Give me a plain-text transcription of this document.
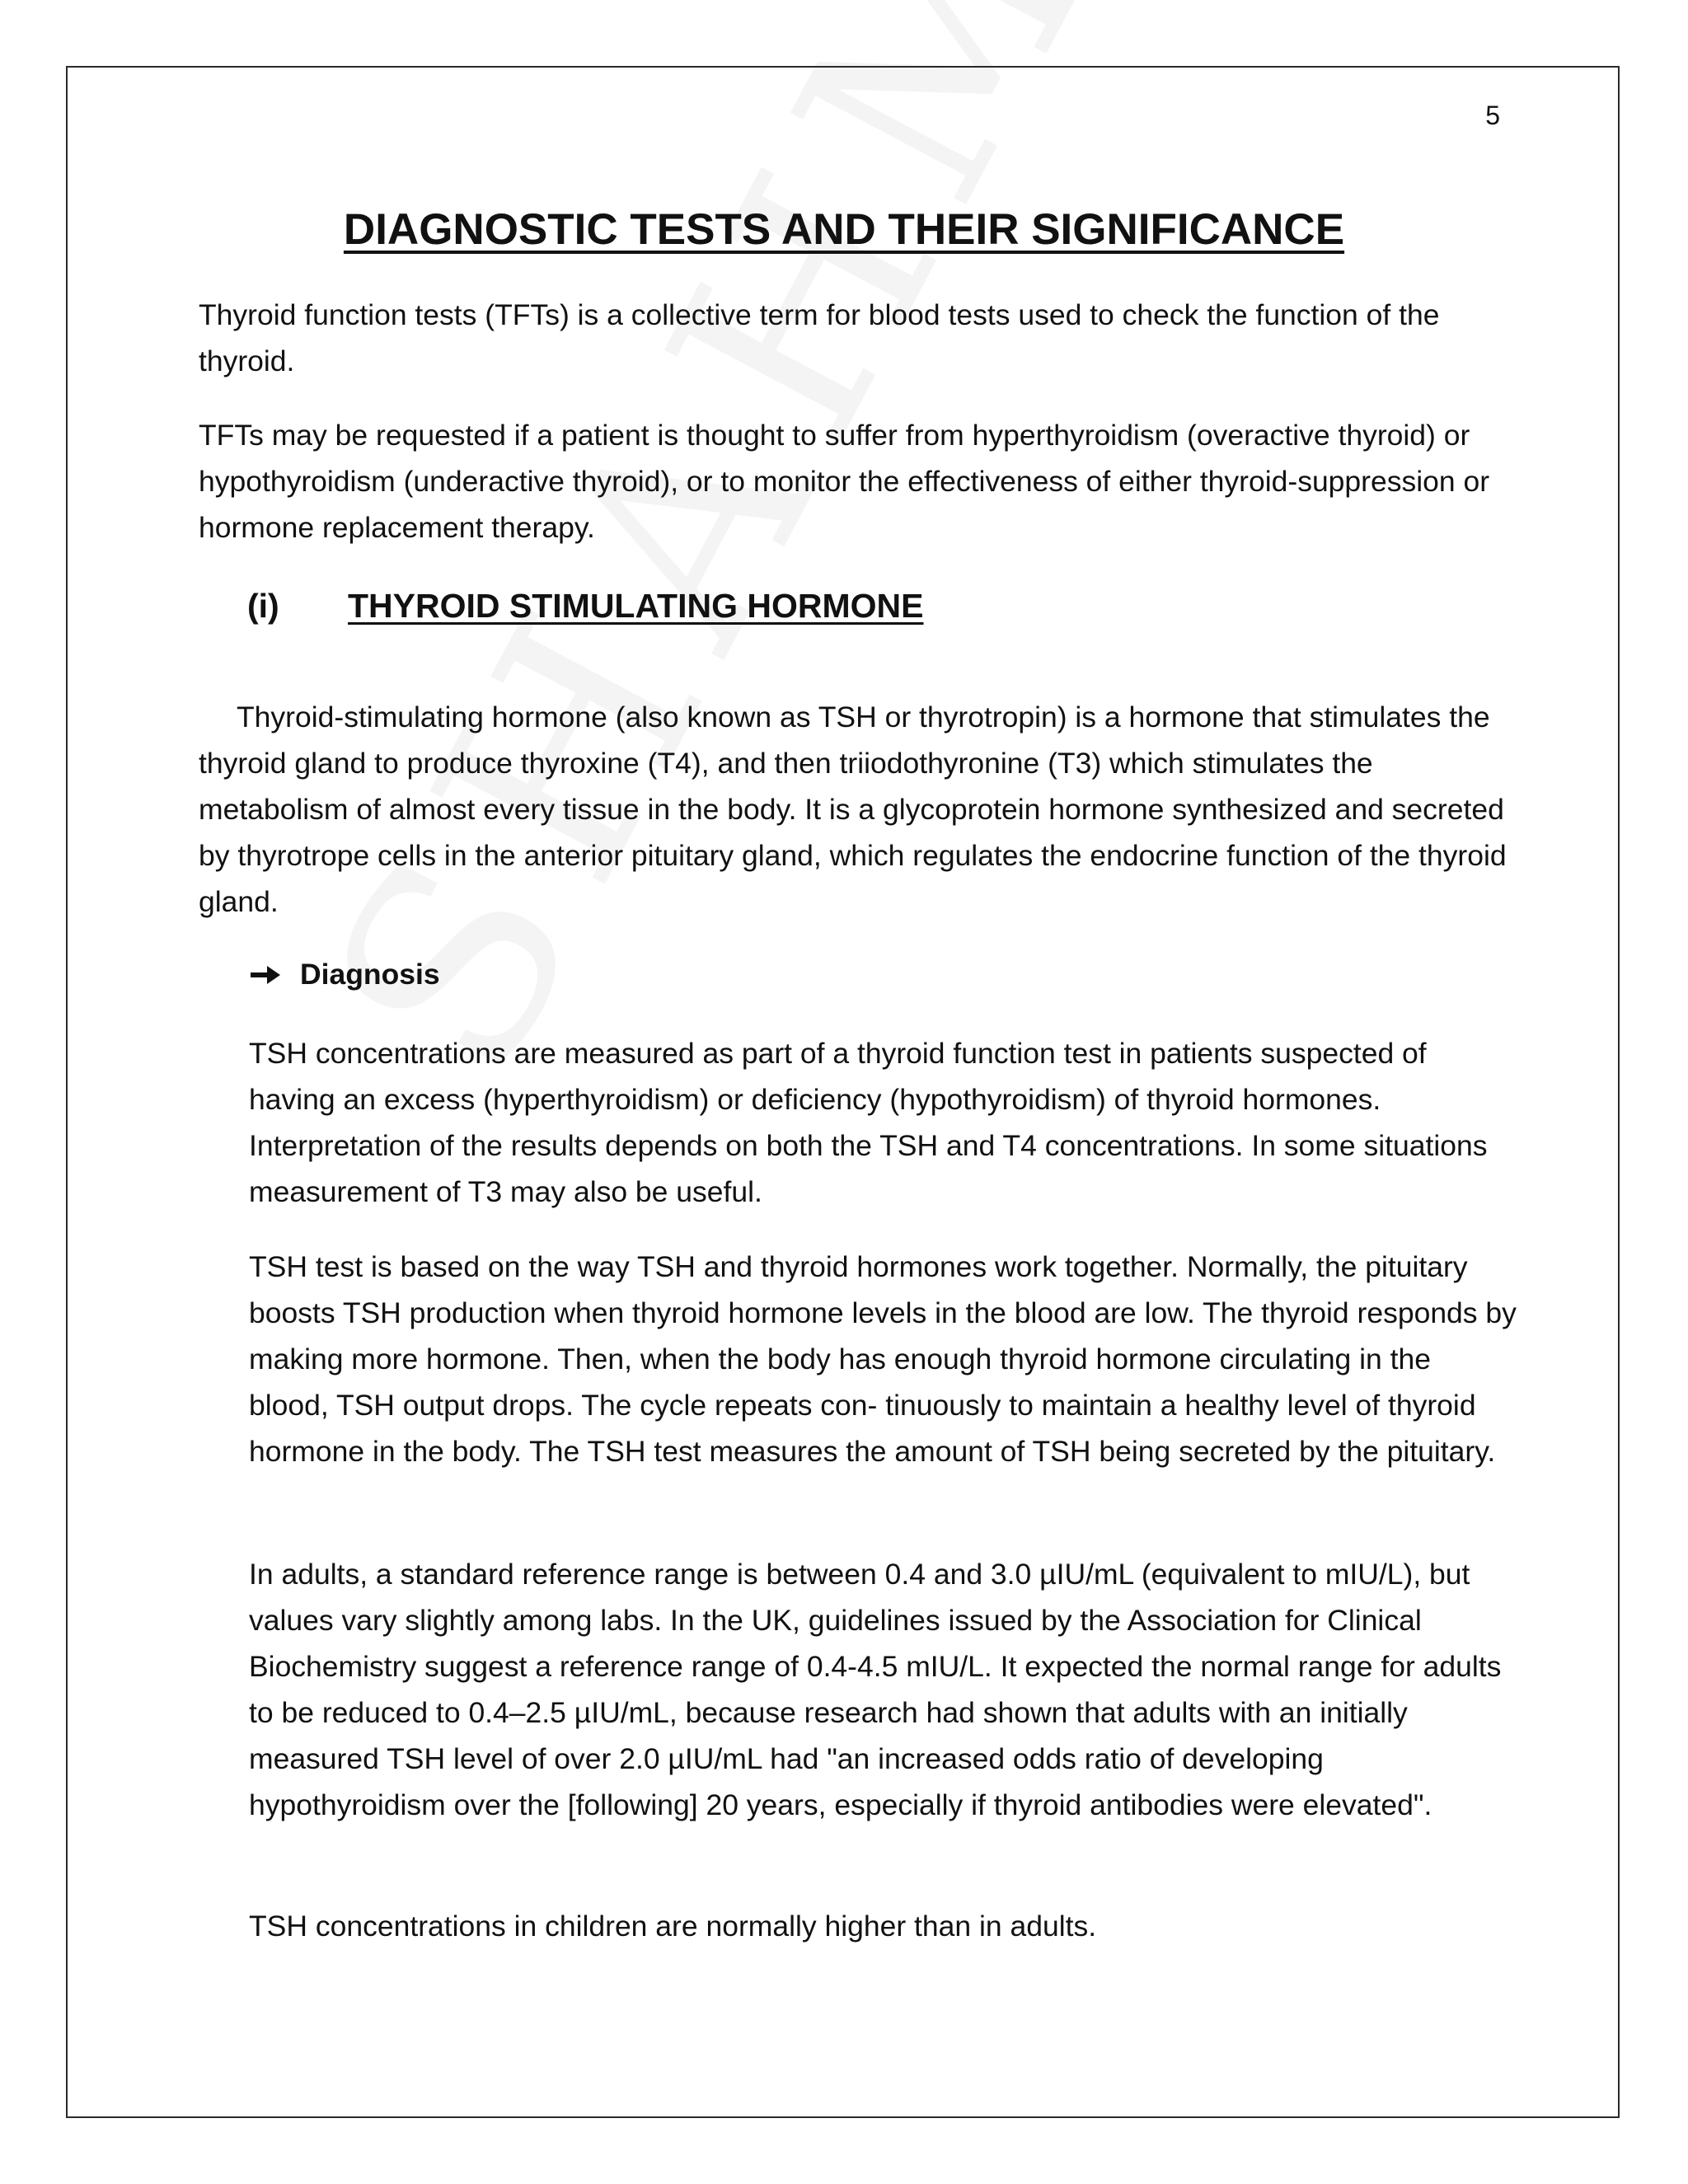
5
DIAGNOSTIC TESTS AND THEIR SIGNIFICANCE

Thyroid function tests (TFTs) is a collective term for blood tests used to check the function of the thyroid.

TFTs may be requested if a patient is thought to suffer from hyperthyroidism (overactive thyroid) or hypothyroidism (underactive thyroid), or to monitor the effectiveness of either thyroid-suppression or hormone replacement therapy.

(i)	THYROID STIMULATING HORMONE

Thyroid-stimulating hormone (also known as TSH or thyrotropin) is a hormone that stimulates the thyroid gland to produce thyroxine (T4), and then triiodothyronine (T3) which stimulates the metabolism of almost every tissue in the body. It is a glycoprotein hormone synthesized and secreted by thyrotrope cells in the anterior pituitary gland, which regulates the endocrine function of the thyroid gland.

Diagnosis

TSH concentrations are measured as part of a thyroid function test in patients suspected of having an excess (hyperthyroidism) or deficiency (hypothyroidism) of thyroid hormones. Interpretation of the results depends on both the TSH and T4 concentrations. In some situations measurement of T3 may also be useful.

TSH test is based on the way TSH and thyroid hormones work together. Normally, the pituitary boosts TSH production when thyroid hormone levels in the blood are low. The thyroid responds by making more hormone. Then, when the body has enough thyroid hormone circulating in the blood, TSH output drops. The cycle repeats con- tinuously to maintain a healthy level of thyroid hormone in the body. The TSH test measures the amount of TSH being secreted by the pituitary.

In adults, a standard reference range is between 0.4 and 3.0 µIU/mL (equivalent to mIU/L), but values vary slightly among labs. In the UK, guidelines issued by the Association for Clinical Biochemistry suggest a reference range of 0.4-4.5 mIU/L. It expected the normal range for adults to be reduced to 0.4–2.5 µIU/mL, because research had shown that adults with an initially measured TSH level of over 2.0 µIU/mL had "an increased odds ratio of developing hypothyroidism over the [following] 20 years, especially if thyroid antibodies were elevated".

TSH concentrations in children are normally higher than in adults.
